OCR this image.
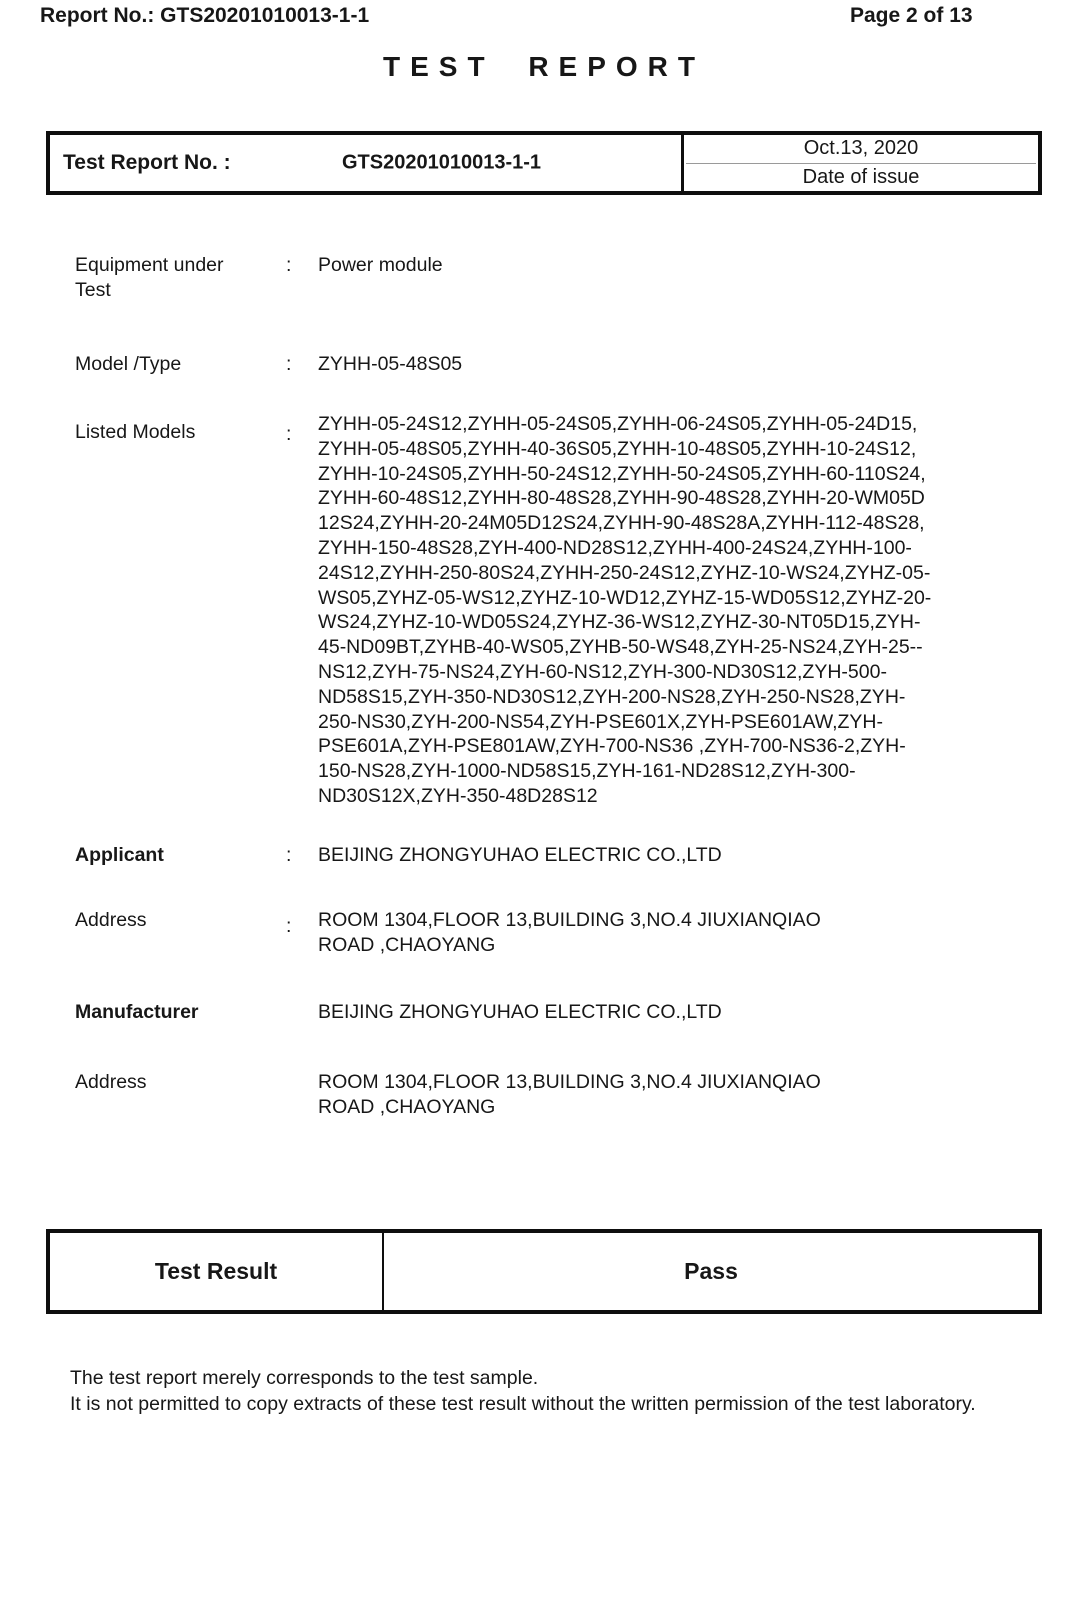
Report No.: GTS20201010013-1-1	Page 2 of 13
TEST REPORT
Test Report No. :	GTS20201010013-1-1
Oct.13, 2020
Date of issue
Equipment under Test
: Power module
Model /Type	: ZYHH-05-48S05
Listed Models	: ZYHH-05-24S12,ZYHH-05-24S05,ZYHH-06-24S05,ZYHH-05-24D15,
ZYHH-05-48S05,ZYHH-40-36S05,ZYHH-10-48S05,ZYHH-10-24S12,
ZYHH-10-24S05,ZYHH-50-24S12,ZYHH-50-24S05,ZYHH-60-110S24,
ZYHH-60-48S12,ZYHH-80-48S28,ZYHH-90-48S28,ZYHH-20-WM05D
12S24,ZYHH-20-24M05D12S24,ZYHH-90-48S28A,ZYHH-112-48S28,
ZYHH-150-48S28,ZYH-400-ND28S12,ZYHH-400-24S24,ZYHH-100-
24S12,ZYHH-250-80S24,ZYHH-250-24S12,ZYHZ-10-WS24,ZYHZ-05-
WS05,ZYHZ-05-WS12,ZYHZ-10-WD12,ZYHZ-15-WD05S12,ZYHZ-20-
WS24,ZYHZ-10-WD05S24,ZYHZ-36-WS12,ZYHZ-30-NT05D15,ZYH-
45-ND09BT,ZYHB-40-WS05,ZYHB-50-WS48,ZYH-25-NS24,ZYH-25--
NS12,ZYH-75-NS24,ZYH-60-NS12,ZYH-300-ND30S12,ZYH-500-
ND58S15,ZYH-350-ND30S12,ZYH-200-NS28,ZYH-250-NS28,ZYH-
250-NS30,ZYH-200-NS54,ZYH-PSE601X,ZYH-PSE601AW,ZYH-
PSE601A,ZYH-PSE801AW,ZYH-700-NS36 ,ZYH-700-NS36-2,ZYH-
150-NS28,ZYH-1000-ND58S15,ZYH-161-ND28S12,ZYH-300-
ND30S12X,ZYH-350-48D28S12
Applicant	: BEIJING ZHONGYUHAO ELECTRIC CO.,LTD
Address	: ROOM 1304,FLOOR 13,BUILDING 3,NO.4 JIUXIANQIAO
ROAD ,CHAOYANG
Manufacturer	BEIJING ZHONGYUHAO ELECTRIC CO.,LTD
Address	ROOM 1304,FLOOR 13,BUILDING 3,NO.4 JIUXIANQIAO
ROAD ,CHAOYANG
Test Result	Pass
The test report merely corresponds to the test sample.
It is not permitted to copy extracts of these test result without the written permission of the test laboratory.
